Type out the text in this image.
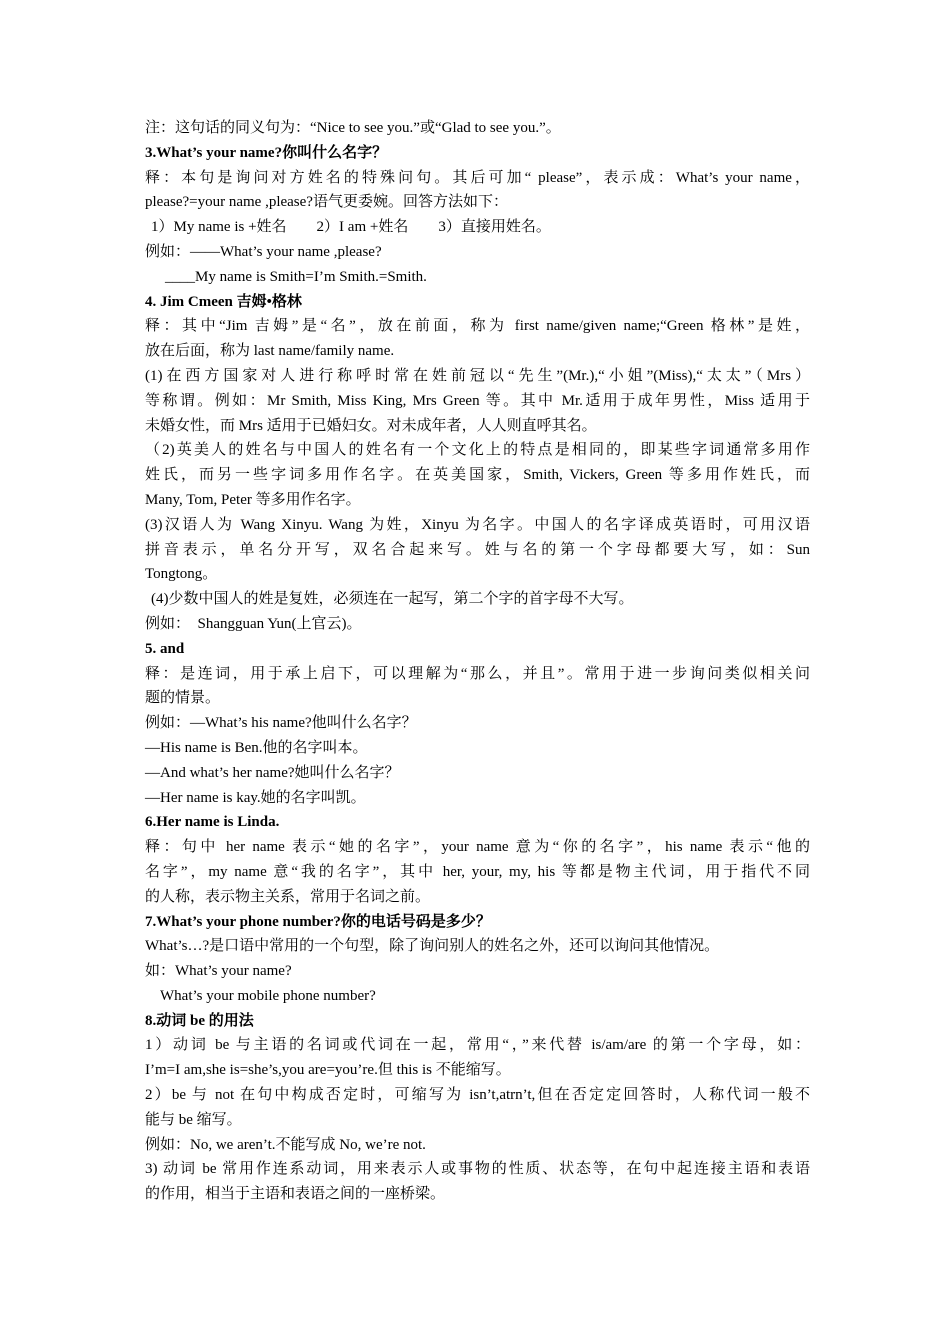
注：这句话的同义句为：“Nice to see you.”或“Glad to see you.”。
3.What’s your name?你叫什么名字？
释：本句是询问对方姓名的特殊问句。其后可加“ please”，表示成：What’s your name，
please?=your name ,please?语气更委婉。回答方法如下：
1）My name is +姓名　　2）I am +姓名　　3）直接用姓名。
例如：——What’s your name ,please?
____My name is Smith=I’m Smith.=Smith.
4. Jim Cmeen 吉姆•格林
释：其中“Jim 吉姆”是“名”，放在前面，称为 first name/given name;“Green 格林”是姓，
放在后面，称为 last name/family name.
(1)在西方国家对人进行称呼时常在姓前冠以“先生”(Mr.),“小姐”(Miss),“太太”（Mrs）
等称谓。例如：Mr Smith, Miss King, Mrs Green 等。其中 Mr.适用于成年男性，Miss 适用于
未婚女性，而 Mrs 适用于已婚妇女。对未成年者，人人则直呼其名。
（2)英美人的姓名与中国人的姓名有一个文化上的特点是相同的，即某些字词通常多用作
姓氏，而另一些字词多用作名字。在英美国家，Smith, Vickers, Green 等多用作姓氏，而
Many, Tom, Peter 等多用作名字。
(3)汉语人为 Wang Xinyu. Wang 为姓，Xinyu 为名字。中国人的名字译成英语时，可用汉语
拼音表示，单名分开写，双名合起来写。姓与名的第一个字母都要大写，如：Sun
Tongtong。
(4)少数中国人的姓是复姓，必须连在一起写，第二个字的首字母不大写。
例如：　Shangguan Yun(上官云)。
5. and
释：是连词，用于承上启下，可以理解为“那么，并且”。常用于进一步询问类似相关问
题的情景。
例如：—What’s his name?他叫什么名字？
—His name is Ben.他的名字叫本。
—And what’s her name?她叫什么名字？
—Her name is kay.她的名字叫凯。
6.Her name is Linda.
释：句中 her name 表示“她的名字”，your name 意为“你的名字”，his name 表示“他的
名字”，my name 意“我的名字”，其中 her, your, my, his 等都是物主代词，用于指代不同
的人称，表示物主关系，常用于名词之前。
7.What’s your phone number?你的电话号码是多少？
What’s…?是口语中常用的一个句型，除了询问别人的姓名之外，还可以询问其他情况。
如：What’s your name?
What’s your mobile phone number?
8.动词 be 的用法
1）动词 be 与主语的名词或代词在一起，常用“，”来代替 is/am/are 的第一个字母，如：
I’m=I am,she is=she’s,you are=you’re.但 this is 不能缩写。
2）be 与 not 在句中构成否定时，可缩写为 isn’t,atrn’t,但在否定定回答时，人称代词一般不
能与 be 缩写。
例如：No, we aren’t.不能写成 No, we’re not.
3) 动词 be 常用作连系动词，用来表示人或事物的性质、状态等，在句中起连接主语和表语
的作用，相当于主语和表语之间的一座桥梁。
